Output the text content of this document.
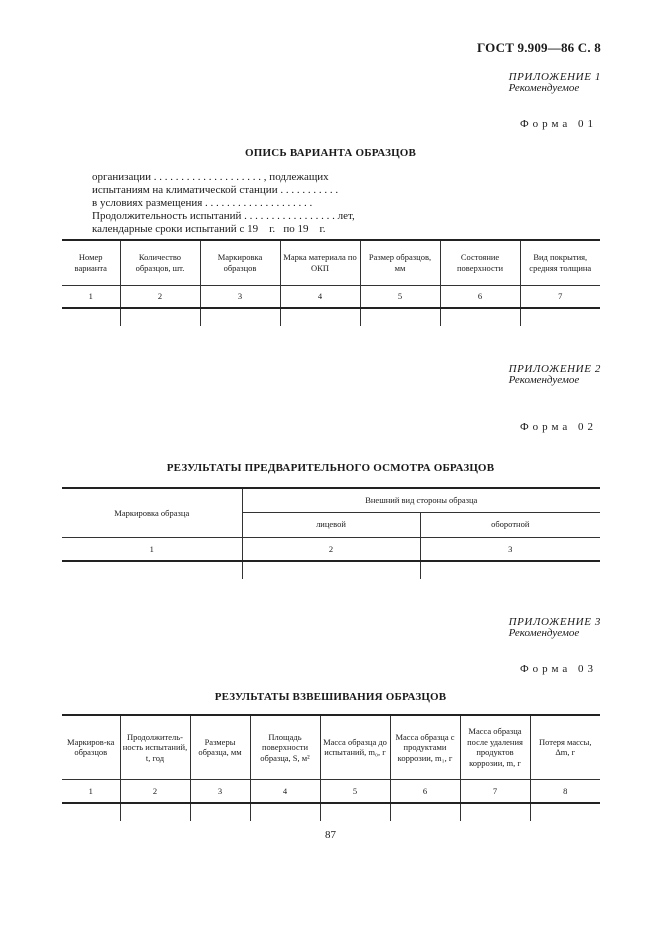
ГОСТ 9.909—86 С. 8
ПРИЛОЖЕНИЕ 1
Рекомендуемое
Форма 01
ОПИСЬ ВАРИАНТА ОБРАЗЦОВ
организации . . . . . . . . . . . . . . . . . . . . , подлежащих
испытаниям на климатической станции . . . . . . . . . . .
в условиях размещения . . . . . . . . . . . . . . . . . . . .
Продолжительность испытаний . . . . . . . . . . . . . . . . . лет,
календарные сроки испытаний с 19    г.   по 19    г.
Номер варианта	Количество образцов, шт.	Маркировка образцов	Марка материала по ОКП	Размер образцов, мм	Состояние поверхности	Вид покрытия, средняя толщина
1	2	3	4	5	6	7

ПРИЛОЖЕНИЕ 2
Рекомендуемое
Форма 02
РЕЗУЛЬТАТЫ ПРЕДВАРИТЕЛЬНОГО ОСМОТРА ОБРАЗЦОВ
Маркировка образца	Внешний вид стороны образца	
	лицевой	оборотной
1	2	3

ПРИЛОЖЕНИЕ 3
Рекомендуемое
Форма 03
РЕЗУЛЬТАТЫ ВЗВЕШИВАНИЯ ОБРАЗЦОВ
Маркиров-ка образцов	Продолжитель-ность испытаний, t, год	Размеры образца, мм	Площадь поверхности образца, S, м²	Масса образца до испытаний, m₀, г	Масса образца с продуктами коррозии, m₁, г	Масса образца после удаления продуктов коррозии, m, г	Потеря массы, Δm, г
1	2	3	4	5	6	7	8

87
